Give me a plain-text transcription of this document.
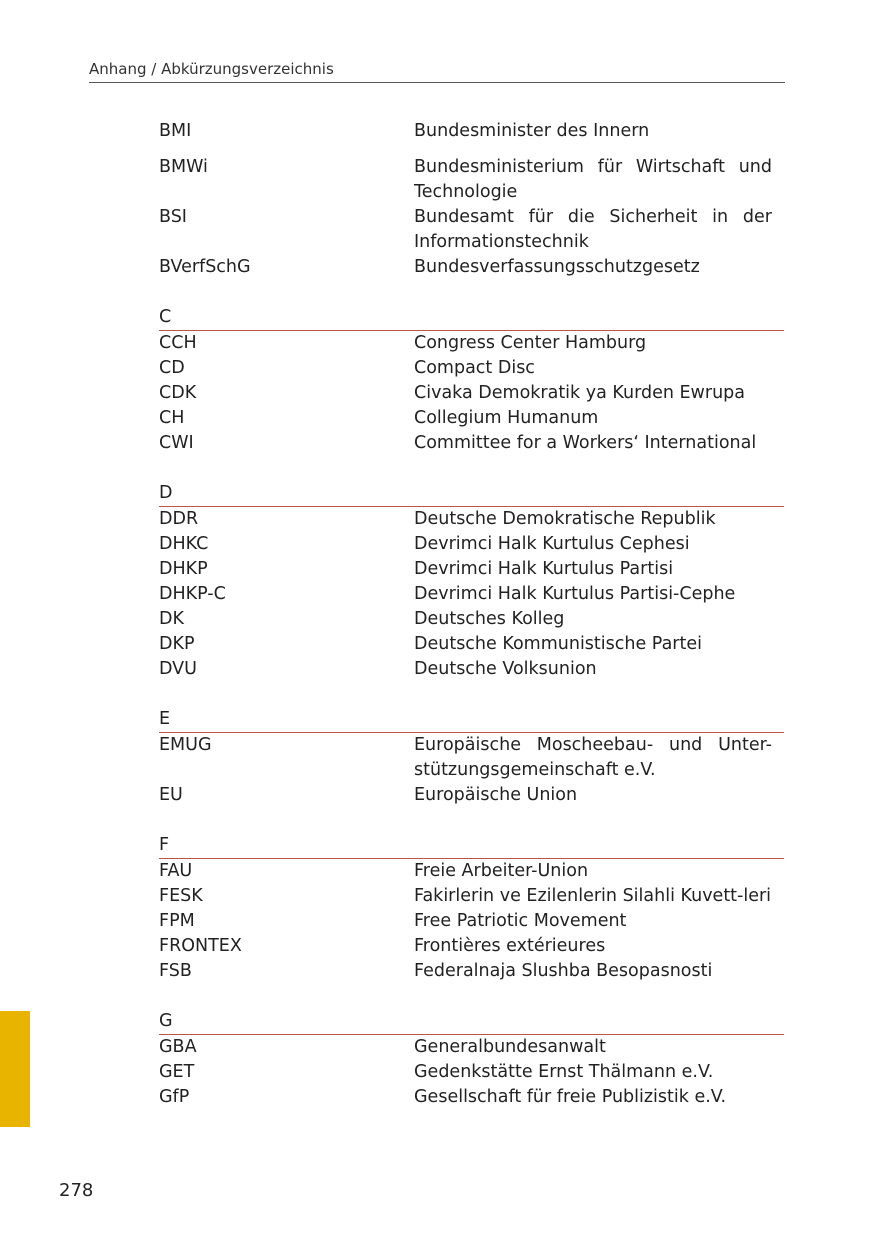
Anhang / Abkürzungsverzeichnis
BMI	Bundesminister des Innern
BMWi	Bundesministerium für Wirtschaft und Technologie
BSI	Bundesamt für die Sicherheit in der Informationstechnik
BVerfSchG	Bundesverfassungsschutzgesetz
C
CCH	Congress Center Hamburg
CD	Compact Disc
CDK	Civaka Demokratik ya Kurden Ewrupa
CH	Collegium Humanum
CWI	Committee for a Workers‘ International
D
DDR	Deutsche Demokratische Republik
DHKC	Devrimci Halk Kurtulus Cephesi
DHKP	Devrimci Halk Kurtulus Partisi
DHKP-C	Devrimci Halk Kurtulus Partisi-Cephe
DK	Deutsches Kolleg
DKP	Deutsche Kommunistische Partei
DVU	Deutsche Volksunion
E
EMUG	Europäische Moscheebau- und Unter-stützungsgemeinschaft e.V.
EU	Europäische Union
F
FAU	Freie Arbeiter-Union
FESK	Fakirlerin ve Ezilenlerin Silahli Kuvett-leri
FPM	Free Patriotic Movement
FRONTEX	Frontières extérieures
FSB	Federalnaja Slushba Besopasnosti
G
GBA	Generalbundesanwalt
GET	Gedenkstätte Ernst Thälmann e.V.
GfP	Gesellschaft für freie Publizistik e.V.
278
